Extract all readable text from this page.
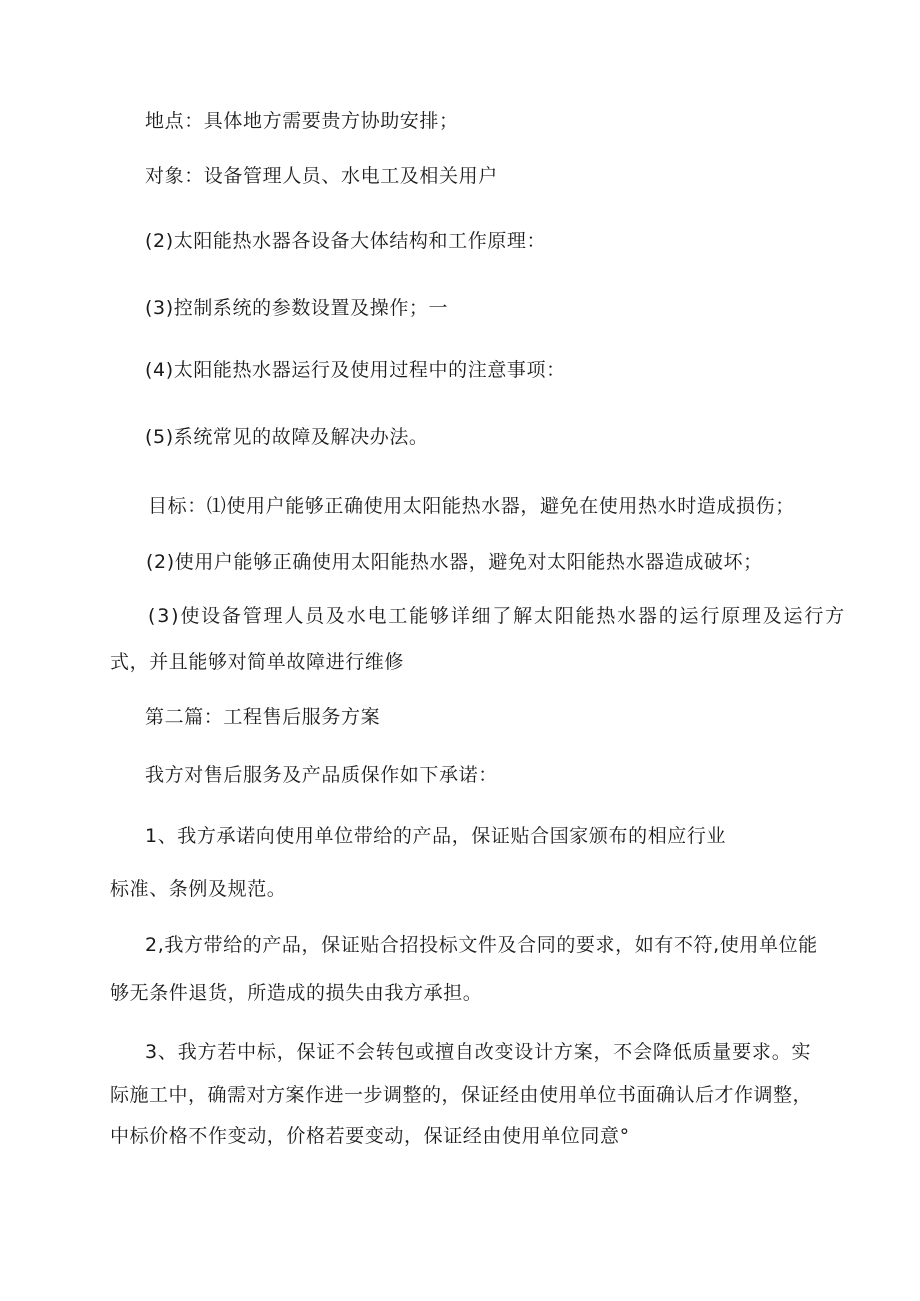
地点：具体地方需要贵方协助安排；

对象：设备管理人员、水电工及相关用户

(2)太阳能热水器各设备大体结构和工作原理：

(3)控制系统的参数设置及操作；一

(4)太阳能热水器运行及使用过程中的注意事项：

(5)系统常见的故障及解决办法。

目标：⑴使用户能够正确使用太阳能热水器，避免在使用热水时造成损伤；

(2)使用户能够正确使用太阳能热水器，避免对太阳能热水器造成破坏；

(3)使设备管理人员及水电工能够详细了解太阳能热水器的运行原理及运行方

式，并且能够对简单故障进行维修

第二篇：工程售后服务方案

我方对售后服务及产品质保作如下承诺：

1、我方承诺向使用单位带给的产品，保证贴合国家颁布的相应行业

标准、条例及规范。

2,我方带给的产品，保证贴合招投标文件及合同的要求，如有不符,使用单位能

够无条件退货，所造成的损失由我方承担。

3、我方若中标，保证不会转包或擅自改变设计方案，不会降低质量要求。实

际施工中，确需对方案作进一步调整的，保证经由使用单位书面确认后才作调整，

中标价格不作变动，价格若要变动，保证经由使用单位同意°
